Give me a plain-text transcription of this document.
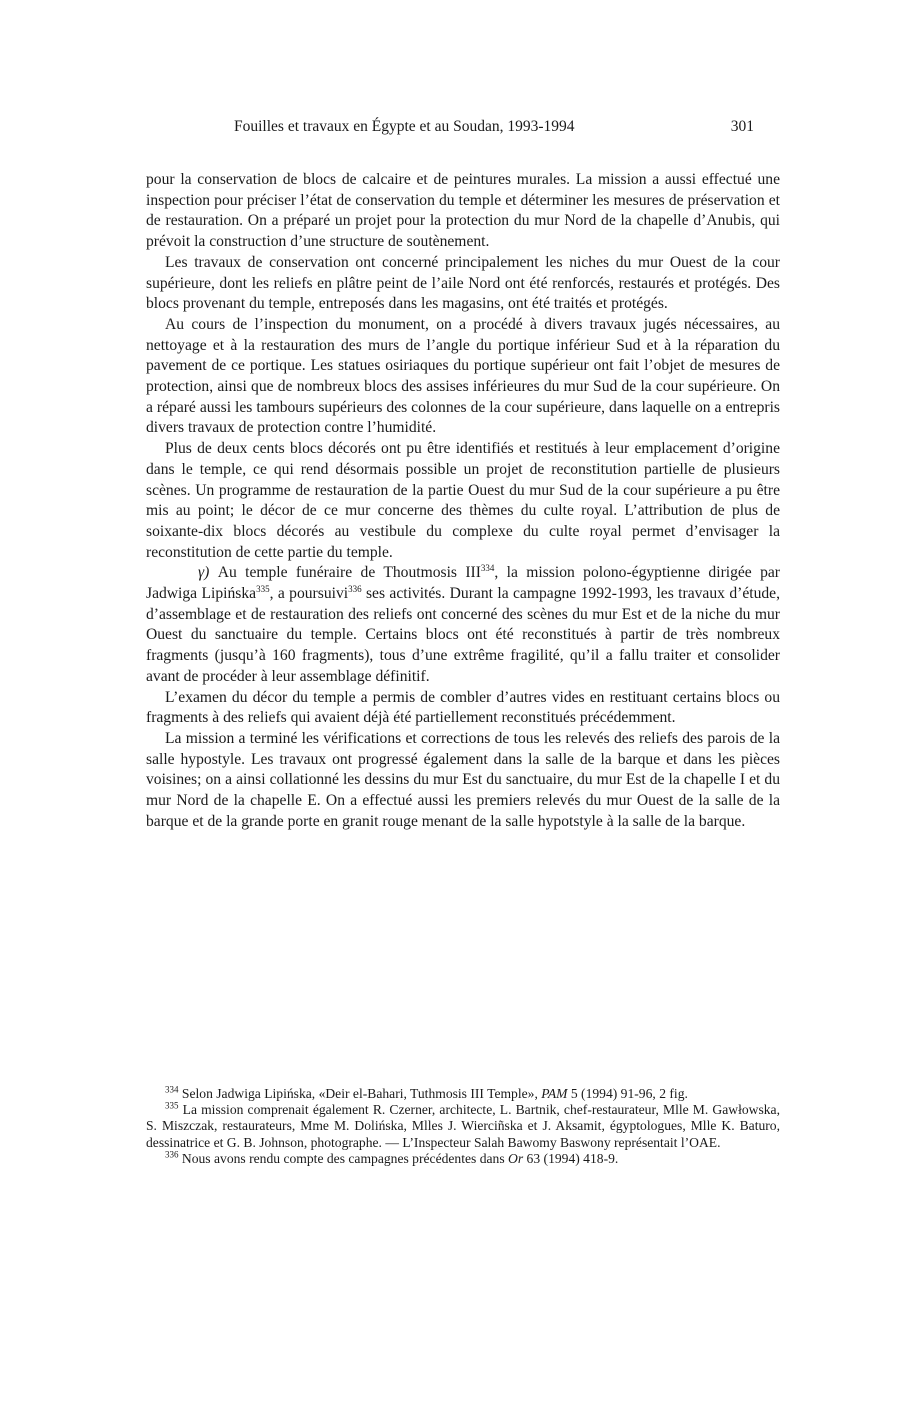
Fouilles et travaux en Égypte et au Soudan, 1993-1994	301

pour la conservation de blocs de calcaire et de peintures murales. La mission a aussi effectué une inspection pour préciser l’état de conservation du temple et déterminer les mesures de préservation et de restauration. On a préparé un projet pour la protection du mur Nord de la chapelle d’Anubis, qui prévoit la construction d’une structure de soutènement.

Les travaux de conservation ont concerné principalement les niches du mur Ouest de la cour supérieure, dont les reliefs en plâtre peint de l’aile Nord ont été renforcés, restaurés et protégés. Des blocs provenant du temple, entreposés dans les magasins, ont été traités et protégés.

Au cours de l’inspection du monument, on a procédé à divers travaux jugés nécessaires, au nettoyage et à la restauration des murs de l’angle du portique inférieur Sud et à la réparation du pavement de ce portique. Les statues osiriaques du portique supérieur ont fait l’objet de mesures de protection, ainsi que de nombreux blocs des assises inférieures du mur Sud de la cour supérieure. On a réparé aussi les tambours supérieurs des colonnes de la cour supérieure, dans laquelle on a entrepris divers travaux de protection contre l’humidité.

Plus de deux cents blocs décorés ont pu être identifiés et restitués à leur emplacement d’origine dans le temple, ce qui rend désormais possible un projet de reconstitution partielle de plusieurs scènes. Un programme de restauration de la partie Ouest du mur Sud de la cour supérieure a pu être mis au point; le décor de ce mur concerne des thèmes du culte royal. L’attribution de plus de soixante-dix blocs décorés au vestibule du complexe du culte royal permet d’envisager la reconstitution de cette partie du temple.

γ) Au temple funéraire de Thoutmosis III$^{334}$, la mission polono-égyptienne dirigée par Jadwiga Lipińska$^{335}$, a poursuivi$^{336}$ ses activités. Durant la campagne 1992-1993, les travaux d’étude, d’assemblage et de restauration des reliefs ont concerné des scènes du mur Est et de la niche du mur Ouest du sanctuaire du temple. Certains blocs ont été reconstitués à partir de très nombreux fragments (jusqu’à 160 fragments), tous d’une extrême fragilité, qu’il a fallu traiter et consolider avant de procéder à leur assemblage définitif.

L’examen du décor du temple a permis de combler d’autres vides en restituant certains blocs ou fragments à des reliefs qui avaient déjà été partiellement reconstitués précédemment.

La mission a terminé les vérifications et corrections de tous les relevés des reliefs des parois de la salle hypostyle. Les travaux ont progressé également dans la salle de la barque et dans les pièces voisines; on a ainsi collationné les dessins du mur Est du sanctuaire, du mur Est de la chapelle I et du mur Nord de la chapelle E. On a effectué aussi les premiers relevés du mur Ouest de la salle de la barque et de la grande porte en granit rouge menant de la salle hypotstyle à la salle de la barque.

$^{334}$ Selon Jadwiga Lipińska, «Deir el-Bahari, Tuthmosis III Temple», PAM 5 (1994) 91-96, 2 fig.

$^{335}$ La mission comprenait également R. Czerner, architecte, L. Bartnik, chef-restaurateur, Mlle M. Gawłowska, S. Miszczak, restaurateurs, Mme M. Dolińska, Mlles J. Wierciñska et J. Aksamit, égyptologues, Mlle K. Baturo, dessinatrice et G. B. Johnson, photographe. — L’Inspecteur Salah Bawomy Baswony représentait l’OAE.

$^{336}$ Nous avons rendu compte des campagnes précédentes dans Or 63 (1994) 418-9.
